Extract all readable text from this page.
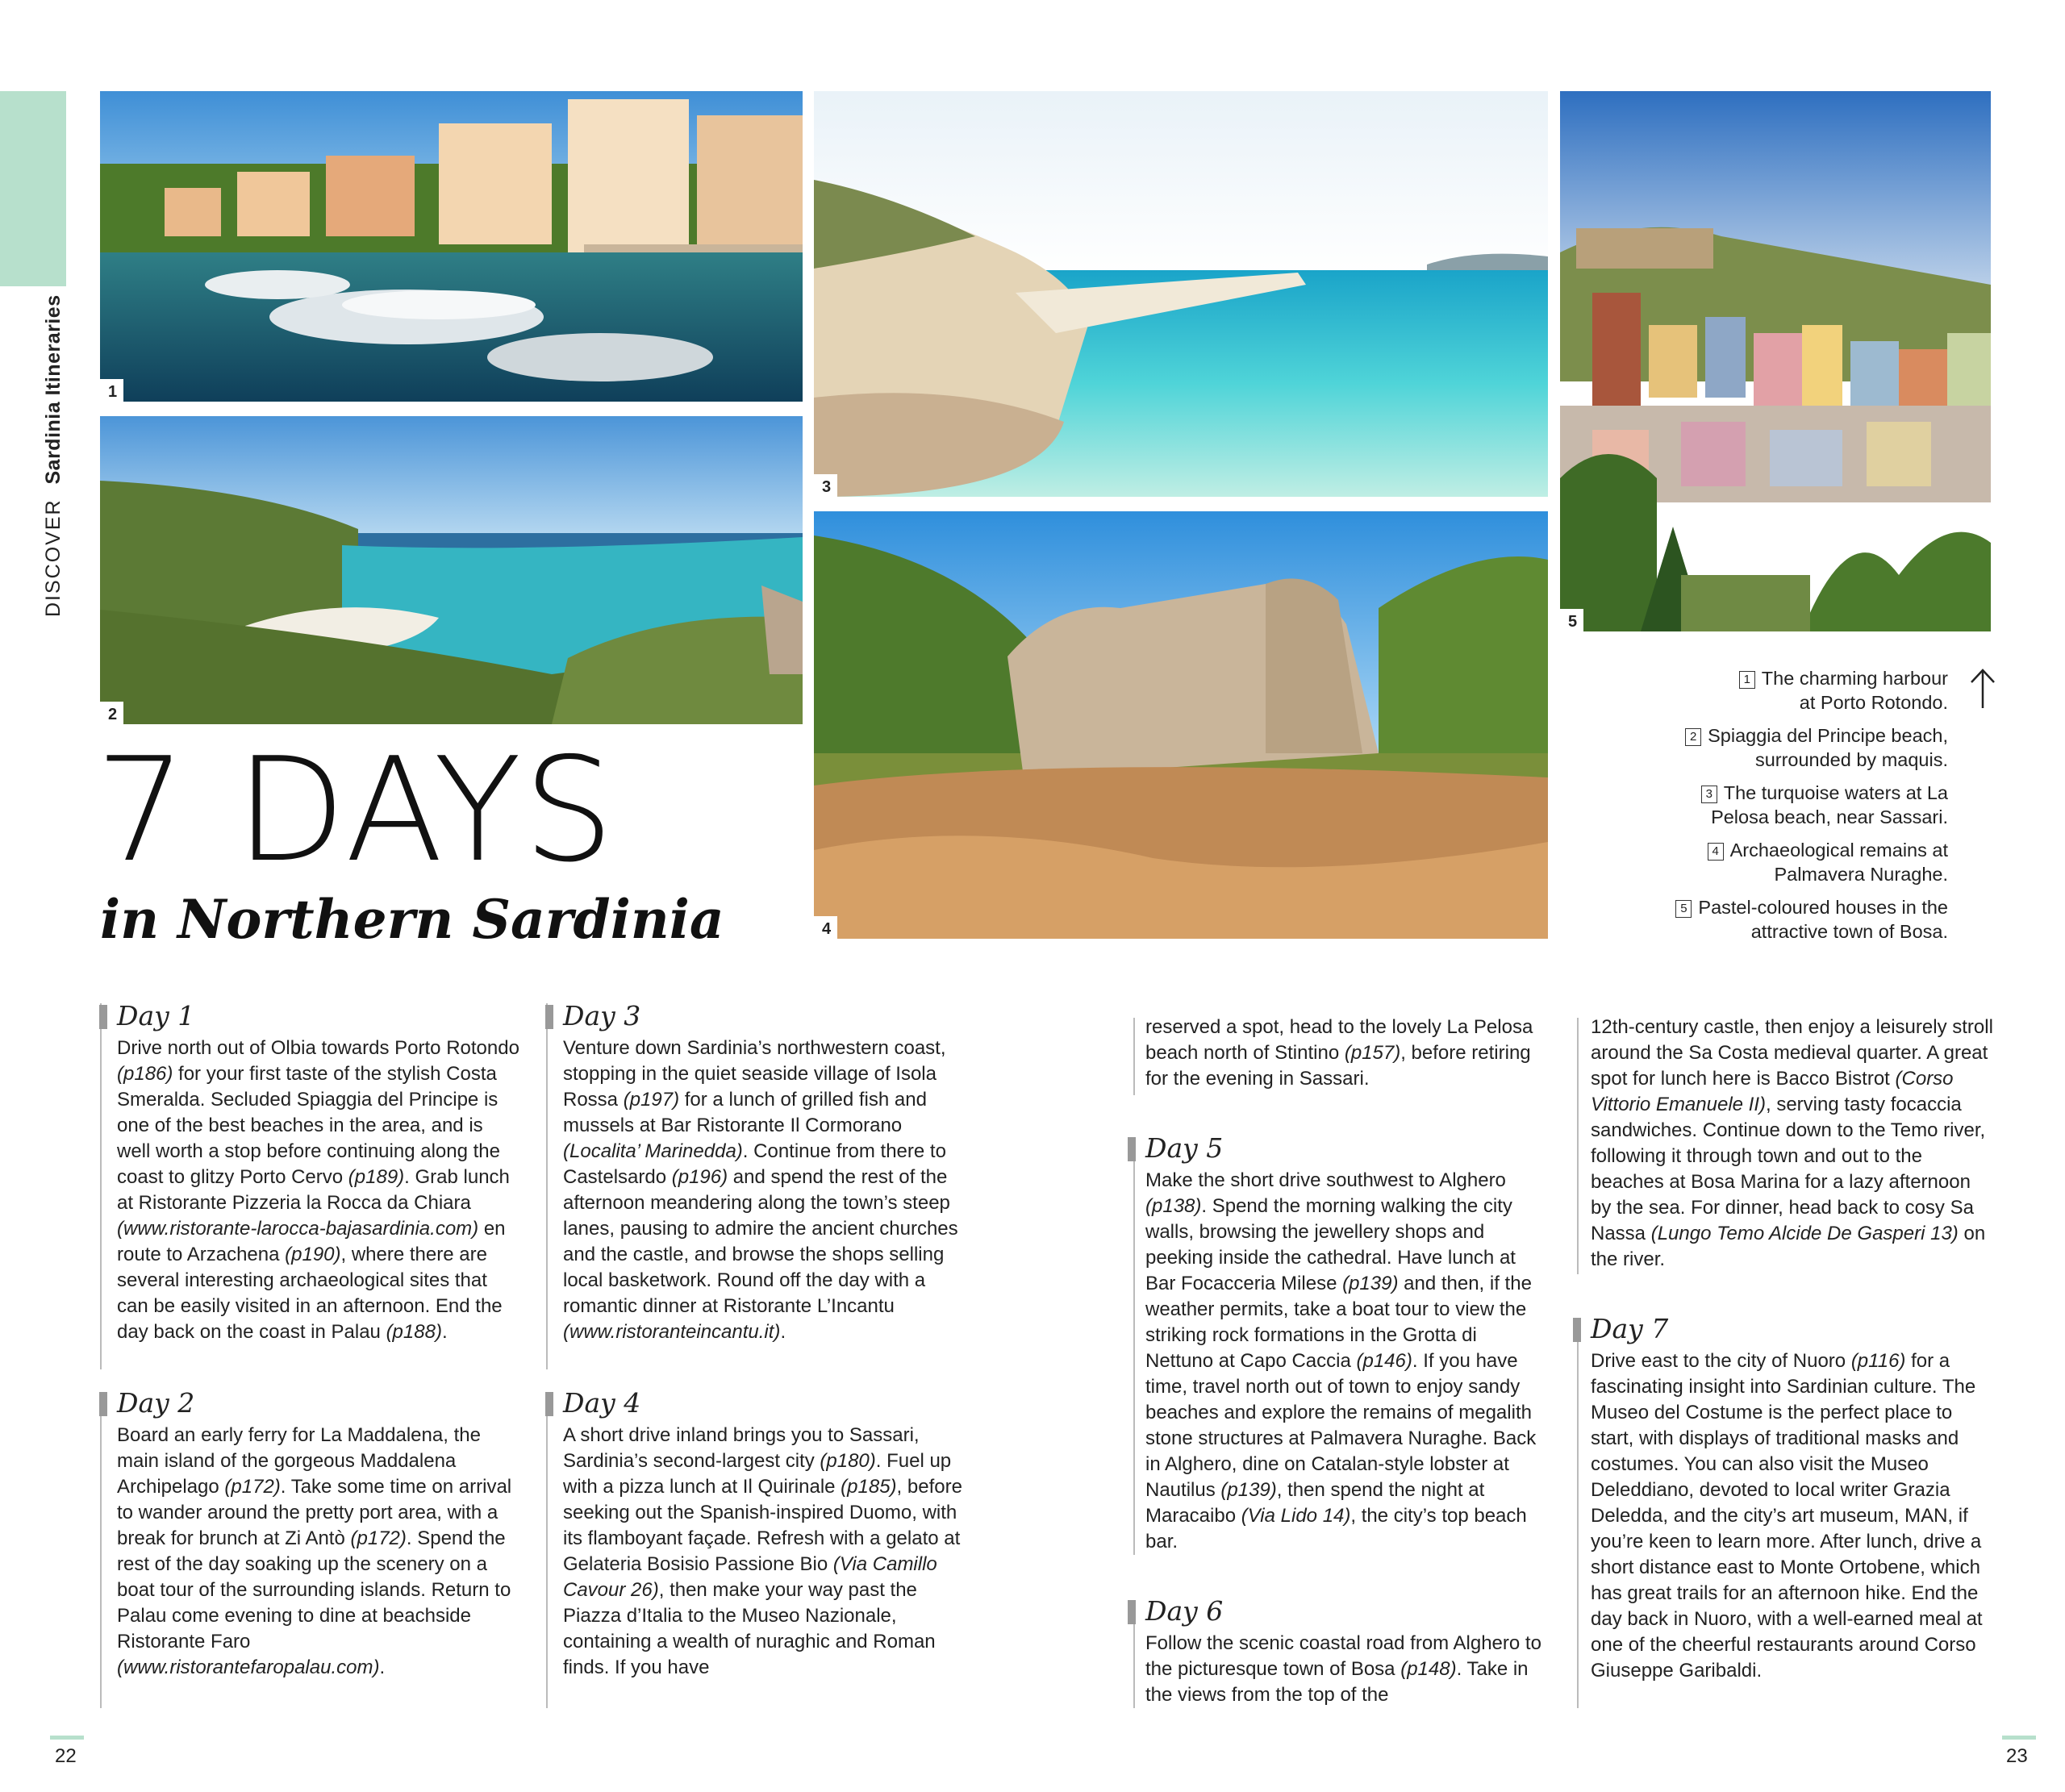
DISCOVER  Sardinia Itineraries	1
2
3
4
5
7 DAYS
in Northern Sardinia
1 The charming harbour
at Porto Rotondo.
2 Spiaggia del Principe beach,
surrounded by maquis.
3 The turquoise waters at La
Pelosa beach, near Sassari.
4 Archaeological remains at
Palmavera Nuraghe.
5 Pastel-coloured houses in the
attractive town of Bosa.
Day 1

Drive north out of Olbia towards Porto Rotondo (p186) for your first taste of the stylish Costa Smeralda. Secluded Spiaggia del Principe is one of the best beaches in the area, and is well worth a stop before continuing along the coast to glitzy Porto Cervo (p189). Grab lunch at Ristorante Pizzeria la Rocca da Chiara (www.ristorante-larocca-bajasardinia.com) en route to Arzachena (p190), where there are several interesting archaeological sites that can be easily visited in an afternoon. End the day back on the coast in Palau (p188).

Day 2

Board an early ferry for La Maddalena, the main island of the gorgeous Maddalena Archipelago (p172). Take some time on arrival to wander around the pretty port area, with a break for brunch at Zi Antò (p172). Spend the rest of the day soaking up the scenery on a boat tour of the surrounding islands. Return to Palau come evening to dine at beachside Ristorante Faro (www.ristorantefaropalau.com).

Day 3

Venture down Sardinia’s northwestern coast, stopping in the quiet seaside village of Isola Rossa (p197) for a lunch of grilled fish and mussels at Bar Ristorante Il Cormorano (Localita’ Marinedda). Continue from there to Castelsardo (p196) and spend the rest of the afternoon meandering along the town’s steep lanes, pausing to admire the ancient churches and the castle, and browse the shops selling local basketwork. Round off the day with a romantic dinner at Ristorante L’Incantu (www.ristoranteincantu.it).

Day 4

A short drive inland brings you to Sassari, Sardinia’s second-largest city (p180). Fuel up with a pizza lunch at Il Quirinale (p185), before seeking out the Spanish-inspired Duomo, with its flamboyant façade. Refresh with a gelato at Gelateria Bosisio Passione Bio (Via Camillo Cavour 26), then make your way past the Piazza d’Italia to the Museo Nazionale, containing a wealth of nuraghic and Roman finds. If you have

reserved a spot, head to the lovely La Pelosa beach north of Stintino (p157), before retiring for the evening in Sassari.

Day 5

Make the short drive southwest to Alghero (p138). Spend the morning walking the city walls, browsing the jewellery shops and peeking inside the cathedral. Have lunch at Bar Focacceria Milese (p139) and then, if the weather permits, take a boat tour to view the striking rock formations in the Grotta di Nettuno at Capo Caccia (p146). If you have time, travel north out of town to enjoy sandy beaches and explore the remains of megalith stone structures at Palmavera Nuraghe. Back in Alghero, dine on Catalan-style lobster at Nautilus (p139), then spend the night at Maracaibo (Via Lido 14), the city’s top beach bar.

Day 6

Follow the scenic coastal road from Alghero to the picturesque town of Bosa (p148). Take in the views from the top of the

12th-century castle, then enjoy a leisurely stroll around the Sa Costa medieval quarter. A great spot for lunch here is Bacco Bistrot (Corso Vittorio Emanuele II), serving tasty focaccia sandwiches. Continue down to the Temo river, following it through town and out to the beaches at Bosa Marina for a lazy afternoon by the sea. For dinner, head back to cosy Sa Nassa (Lungo Temo Alcide De Gasperi 13) on the river.

Day 7

Drive east to the city of Nuoro (p116) for a fascinating insight into Sardinian culture. The Museo del Costume is the perfect place to start, with displays of traditional masks and costumes. You can also visit the Museo Deleddiano, devoted to local writer Grazia Deledda, and the city’s art museum, MAN, if you’re keen to learn more. After lunch, drive a short distance east to Monte Ortobene, which has great trails for an afternoon hike. End the day back in Nuoro, with a well-earned meal at one of the cheerful restaurants around Corso Giuseppe Garibaldi.

22	23
